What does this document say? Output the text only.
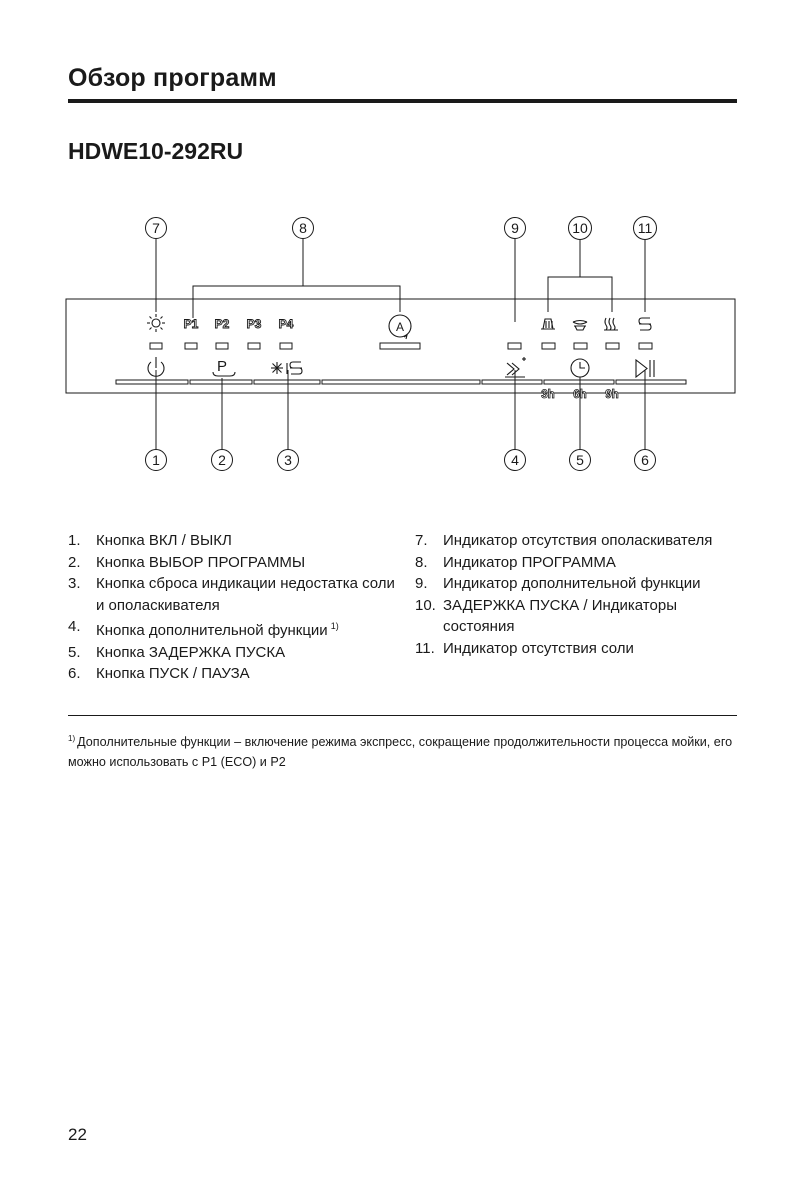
Обзор программ
HDWE10-292RU
7	8	9	10	11
A
P1 P2 P3 P4
P
3h 6h 9h
1	2	3	4	5	6
1.	Кнопка ВКЛ / ВЫКЛ
2.	Кнопка ВЫБОР ПРОГРАММЫ
3.	Кнопка сброса индикации недостатка соли и ополаскивателя
4.	Кнопка дополнительной функции $^{1)}$
5.	Кнопка ЗАДЕРЖКА ПУСКА
6.	Кнопка ПУСК / ПАУЗА
7.	Индикатор отсутствия ополаскивателя
8.	Индикатор ПРОГРАММА
9.	Индикатор дополнительной функции
10. ЗАДЕРЖКА ПУСКА / Индикаторы состояния
11. Индикатор отсутствия соли
$^{1)}$ Дополнительные функции – включение режима экспресс, сокращение продолжительности процесса мойки, его можно использовать с P1 (ECO) и P2
22
